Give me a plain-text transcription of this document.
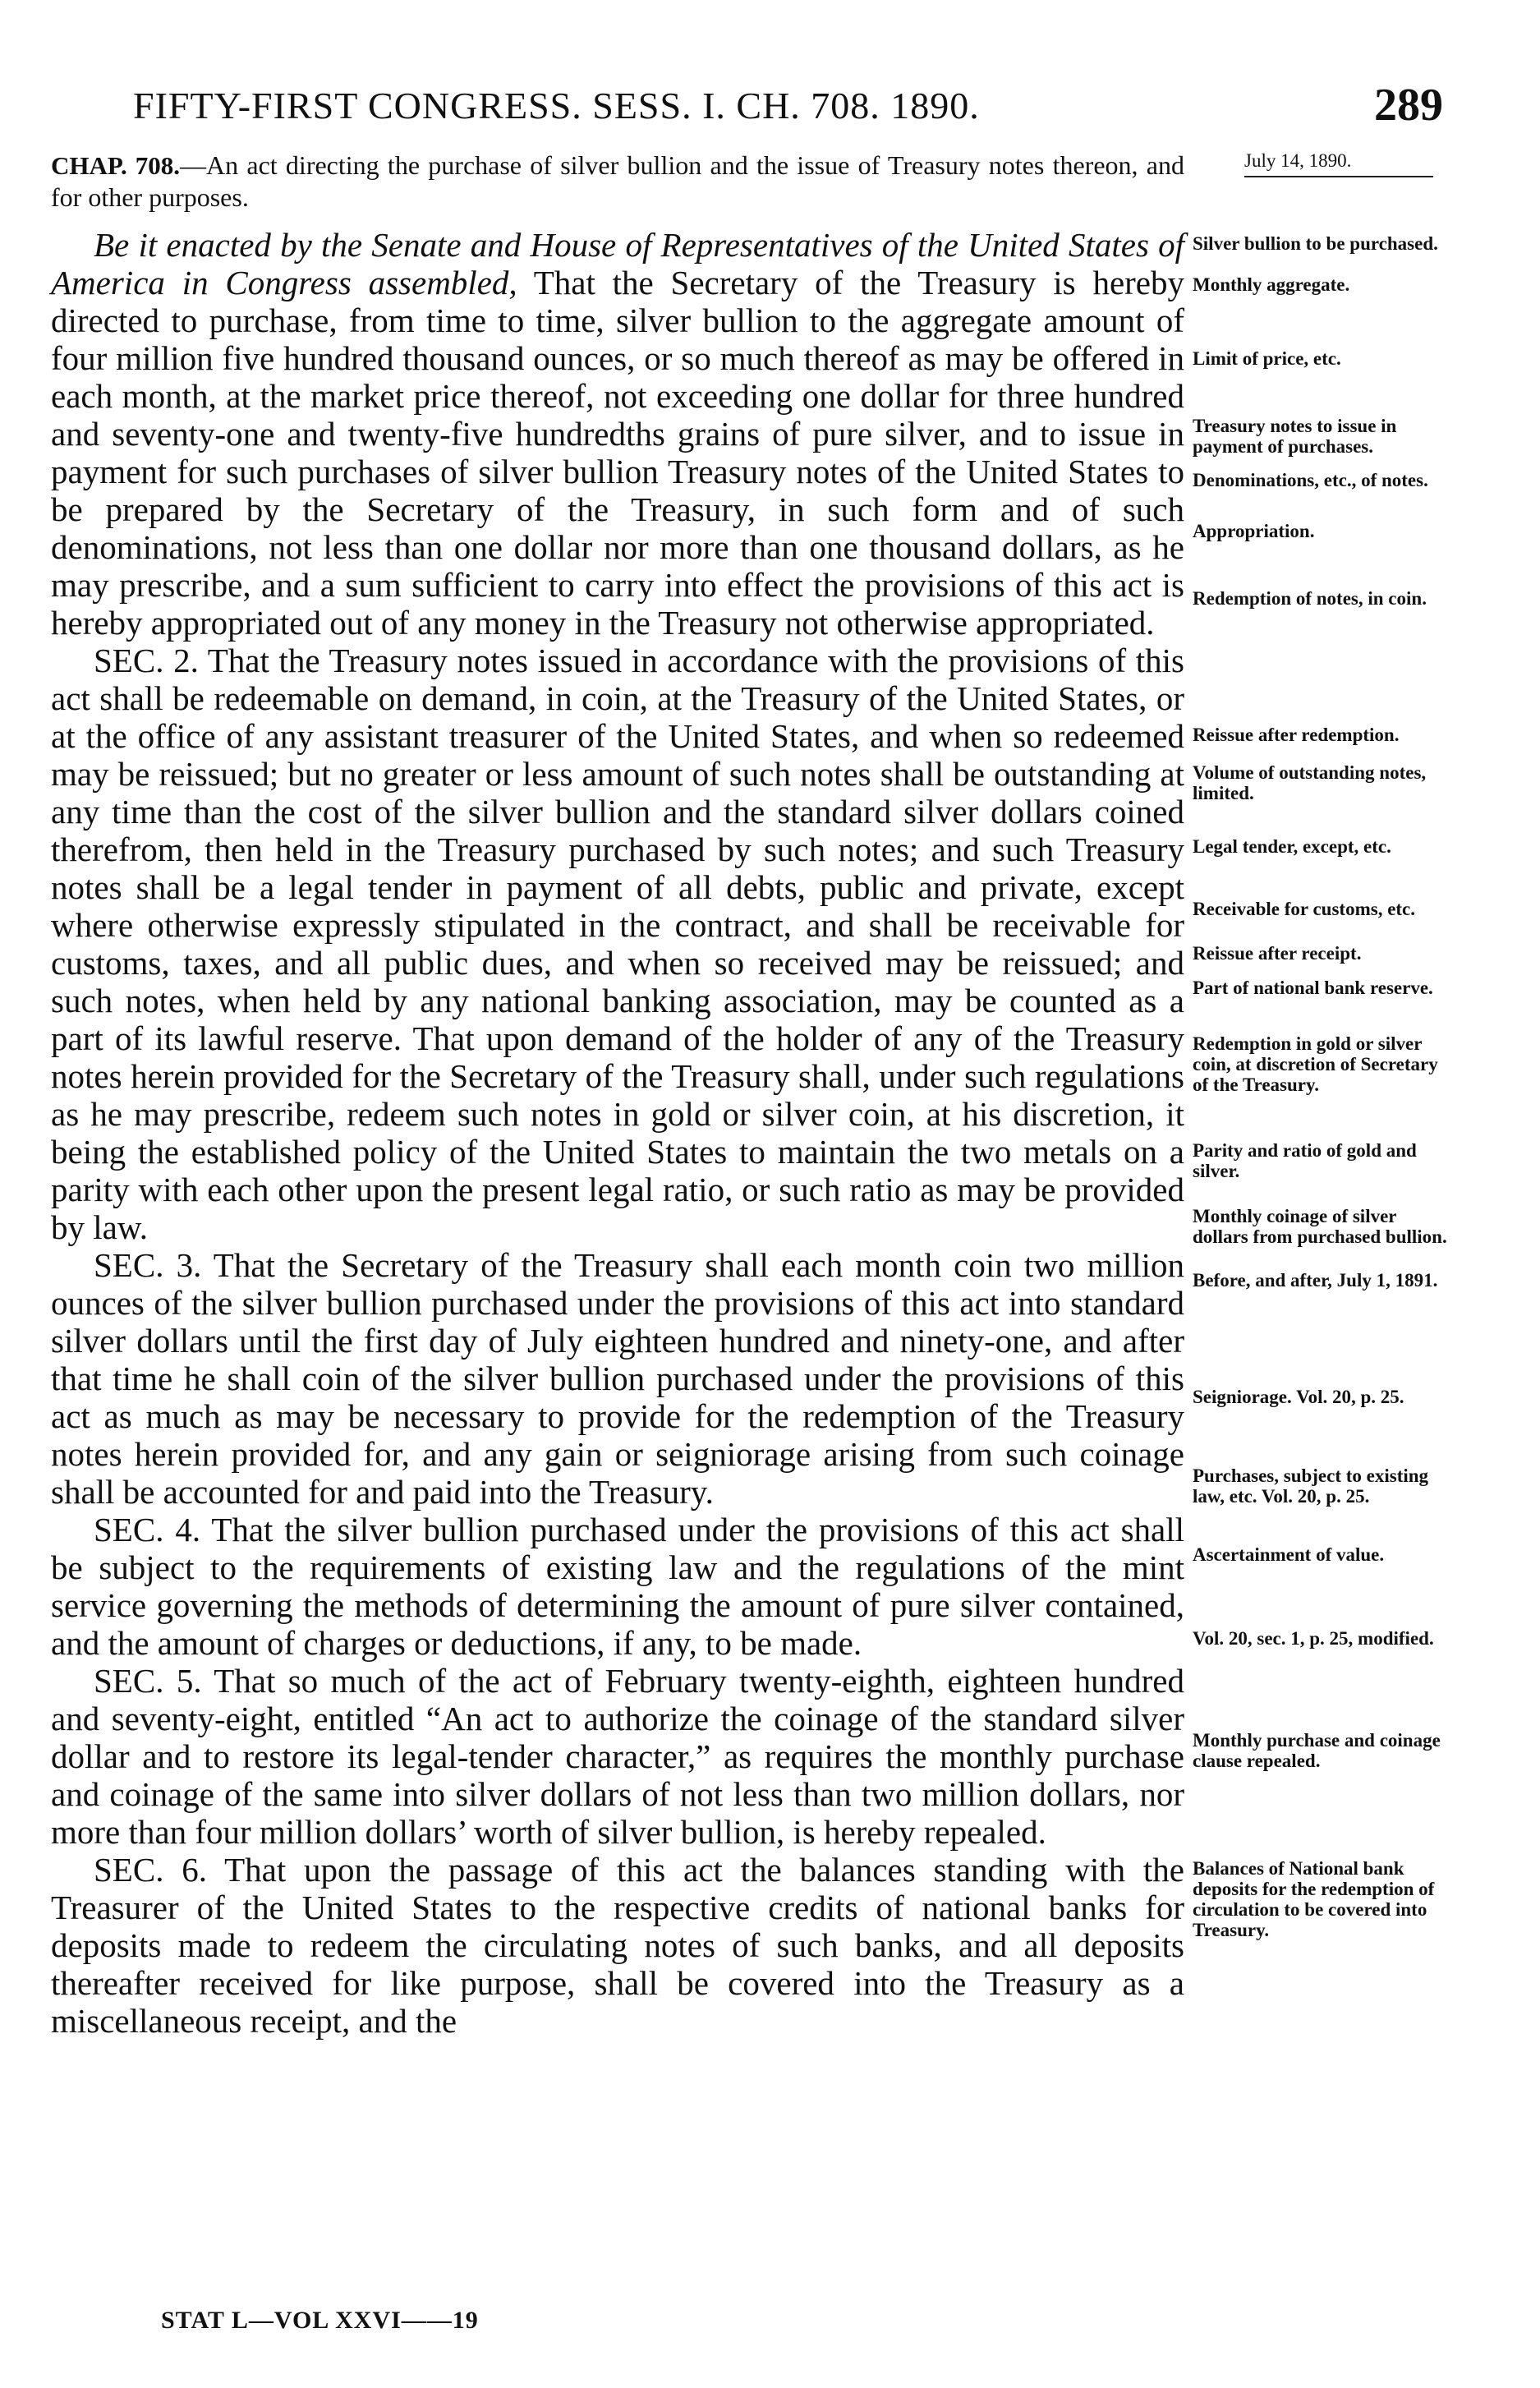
FIFTY-FIRST CONGRESS. SESS. I. CH. 708. 1890.	289
July 14, 1890.

CHAP. 708.—An act directing the purchase of silver bullion and the issue of Treasury notes thereon, and for other purposes.

Be it enacted by the Senate and House of Representatives of the United States of America in Congress assembled, That the Secretary of the Treasury is hereby directed to purchase, from time to time, silver bullion to the aggregate amount of four million five hundred thousand ounces, or so much thereof as may be offered in each month, at the market price thereof, not exceeding one dollar for three hundred and seventy-one and twenty-five hundredths grains of pure silver, and to issue in payment for such purchases of silver bullion Treasury notes of the United States to be prepared by the Secretary of the Treasury, in such form and of such denominations, not less than one dollar nor more than one thousand dollars, as he may prescribe, and a sum sufficient to carry into effect the provisions of this act is hereby appropriated out of any money in the Treasury not otherwise appropriated.

SEC. 2. That the Treasury notes issued in accordance with the provisions of this act shall be redeemable on demand, in coin, at the Treasury of the United States, or at the office of any assistant treasurer of the United States, and when so redeemed may be reissued; but no greater or less amount of such notes shall be outstanding at any time than the cost of the silver bullion and the standard silver dollars coined therefrom, then held in the Treasury purchased by such notes; and such Treasury notes shall be a legal tender in payment of all debts, public and private, except where otherwise expressly stipulated in the contract, and shall be receivable for customs, taxes, and all public dues, and when so received may be reissued; and such notes, when held by any national banking association, may be counted as a part of its lawful reserve. That upon demand of the holder of any of the Treasury notes herein provided for the Secretary of the Treasury shall, under such regulations as he may prescribe, redeem such notes in gold or silver coin, at his discretion, it being the established policy of the United States to maintain the two metals on a parity with each other upon the present legal ratio, or such ratio as may be provided by law.

SEC. 3. That the Secretary of the Treasury shall each month coin two million ounces of the silver bullion purchased under the provisions of this act into standard silver dollars until the first day of July eighteen hundred and ninety-one, and after that time he shall coin of the silver bullion purchased under the provisions of this act as much as may be necessary to provide for the redemption of the Treasury notes herein provided for, and any gain or seigniorage arising from such coinage shall be accounted for and paid into the Treasury.

SEC. 4. That the silver bullion purchased under the provisions of this act shall be subject to the requirements of existing law and the regulations of the mint service governing the methods of determining the amount of pure silver contained, and the amount of charges or deductions, if any, to be made.

SEC. 5. That so much of the act of February twenty-eighth, eighteen hundred and seventy-eight, entitled “An act to authorize the coinage of the standard silver dollar and to restore its legal-tender character,” as requires the monthly purchase and coinage of the same into silver dollars of not less than two million dollars, nor more than four million dollars’ worth of silver bullion, is hereby repealed.

SEC. 6. That upon the passage of this act the balances standing with the Treasurer of the United States to the respective credits of national banks for deposits made to redeem the circulating notes of such banks, and all deposits thereafter received for like purpose, shall be covered into the Treasury as a miscellaneous receipt, and the

Silver bullion to be purchased.
Monthly aggregate.
Limit of price, etc.
Treasury notes to issue in payment of purchases.
Denominations, etc., of notes.
Appropriation.
Redemption of notes, in coin.
Reissue after redemption.
Volume of outstanding notes, limited.
Legal tender, except, etc.
Receivable for customs, etc.
Reissue after receipt.
Part of national bank reserve.
Redemption in gold or silver coin, at discretion of Secretary of the Treasury.
Parity and ratio of gold and silver.
Monthly coinage of silver dollars from purchased bullion.
Before, and after, July 1, 1891.
Seigniorage. Vol. 20, p. 25.
Purchases, subject to existing law, etc. Vol. 20, p. 25.
Ascertainment of value.
Vol. 20, sec. 1, p. 25, modified.
Monthly purchase and coinage clause repealed.
Balances of National bank deposits for the redemption of circulation to be covered into Treasury.
STAT L—VOL XXVI——19
